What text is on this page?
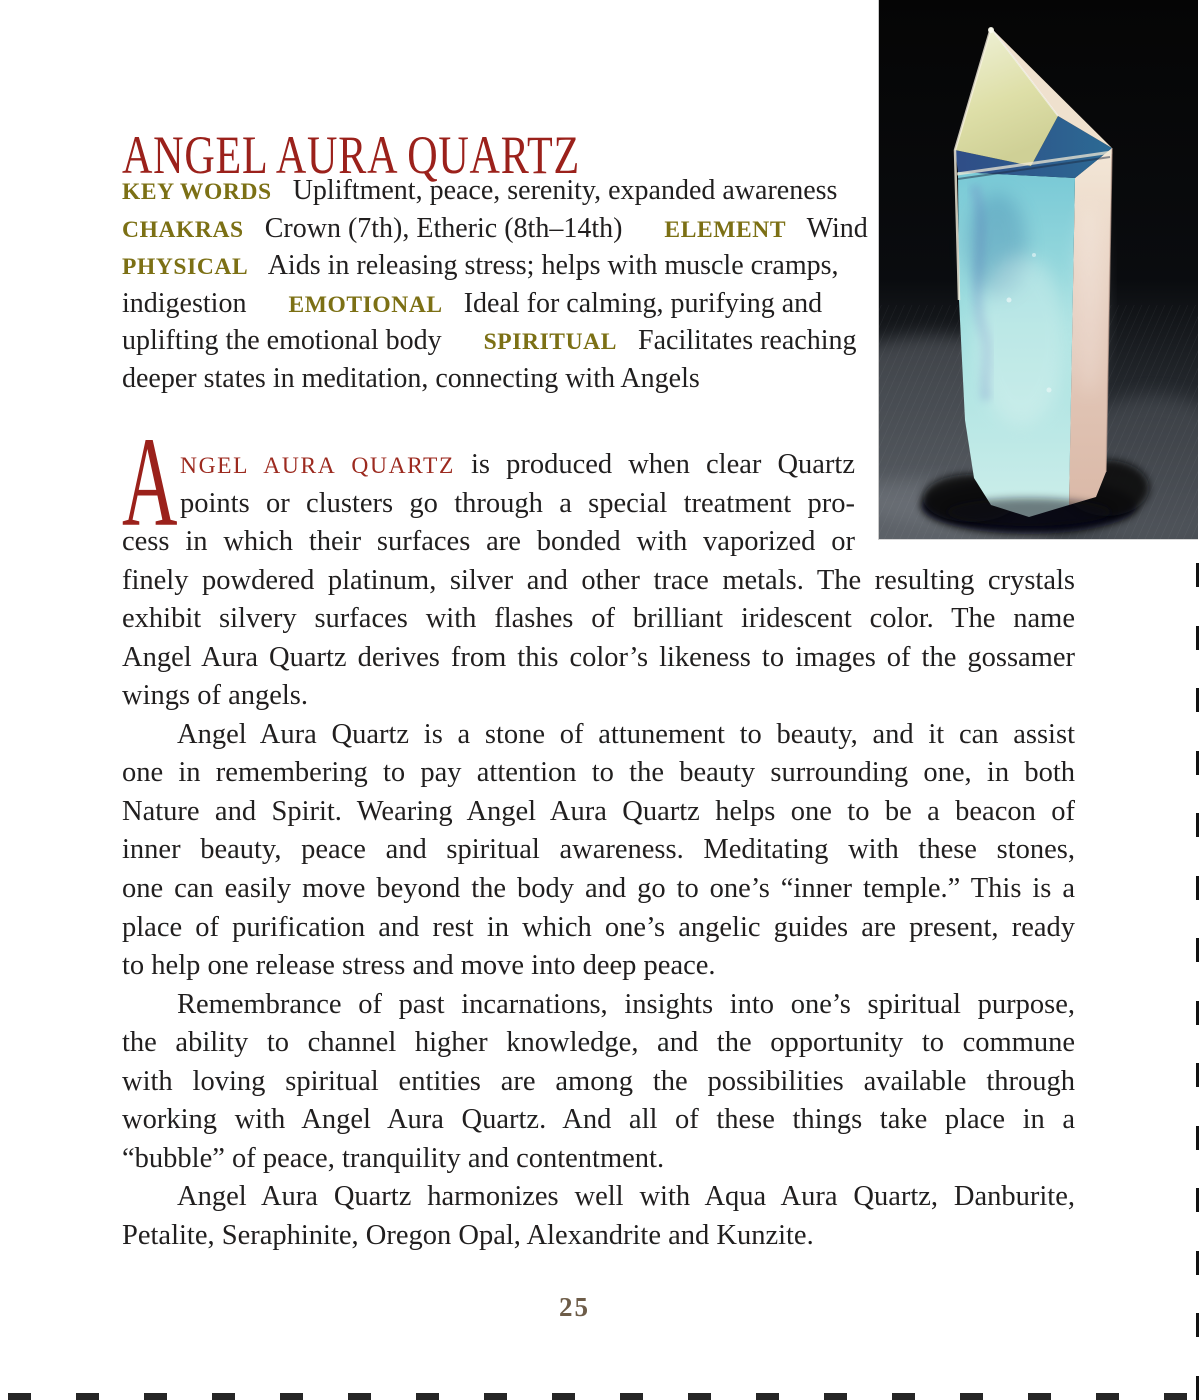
ANGEL AURA QUARTZ
KEY WORDS   Upliftment, peace, serenity, expanded awareness
CHAKRAS   Crown (7th), Etheric (8th–14th)      ELEMENT   Wind
PHYSICAL   Aids in releasing stress; helps with muscle cramps,
indigestion      EMOTIONAL   Ideal for calming, purifying and
uplifting the emotional body      SPIRITUAL   Facilitates reaching
deeper states in meditation, connecting with Angels
A NGEL AURA QUARTZ is produced when clear Quartz
points or clusters go through a special treatment pro-
cess in which their surfaces are bonded with vaporized or
finely powdered platinum, silver and other trace metals. The resulting crystals
exhibit silvery surfaces with flashes of brilliant iridescent color. The name
Angel Aura Quartz derives from this color’s likeness to images of the gossamer
wings of angels.
Angel Aura Quartz is a stone of attunement to beauty, and it can assist
one in remembering to pay attention to the beauty surrounding one, in both
Nature and Spirit. Wearing Angel Aura Quartz helps one to be a beacon of
inner beauty, peace and spiritual awareness. Meditating with these stones,
one can easily move beyond the body and go to one’s “inner temple.” This is a
place of purification and rest in which one’s angelic guides are present, ready
to help one release stress and move into deep peace.
Remembrance of past incarnations, insights into one’s spiritual purpose,
the ability to channel higher knowledge, and the opportunity to commune
with loving spiritual entities are among the possibilities available through
working with Angel Aura Quartz. And all of these things take place in a
“bubble” of peace, tranquility and contentment.
Angel Aura Quartz harmonizes well with Aqua Aura Quartz, Danburite,
Petalite, Seraphinite, Oregon Opal, Alexandrite and Kunzite.
25
